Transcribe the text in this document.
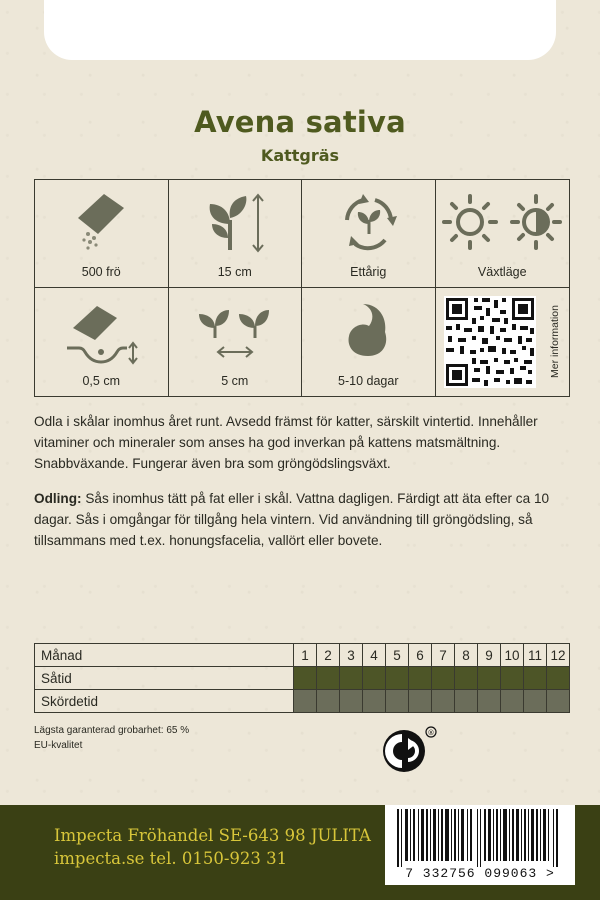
Avena sativa
Kattgräs
500 frö	15 cm	Ettårig	Växtläge
0,5 cm	5 cm	5-10 dagar
Mer information
Odla i skålar inomhus året runt. Avsedd främst för katter, särskilt vintertid. Innehåller vitaminer och mineraler som anses ha god inverkan på kattens matsmältning. Snabbväxande. Fungerar även bra som gröngödslingsväxt.
Odling: Sås inomhus tätt på fat eller i skål. Vattna dagligen. Färdigt att äta efter ca 10 dagar. Sås i omgångar för tillgång hela vintern. Vid användning till gröngödsling, så tillsammans med t.ex. honungsfacelia, vallört eller bovete.
Månad	1	2	3	4	5	6	7	8	9	10	11	12
Såtid												
Skördetid												
Lägsta garanterad grobarhet: 65 %
EU-kvalitet
®
Impecta Fröhandel SE-643 98 JULITA
impecta.se tel. 0150-923 31
7 332756 099063 >
